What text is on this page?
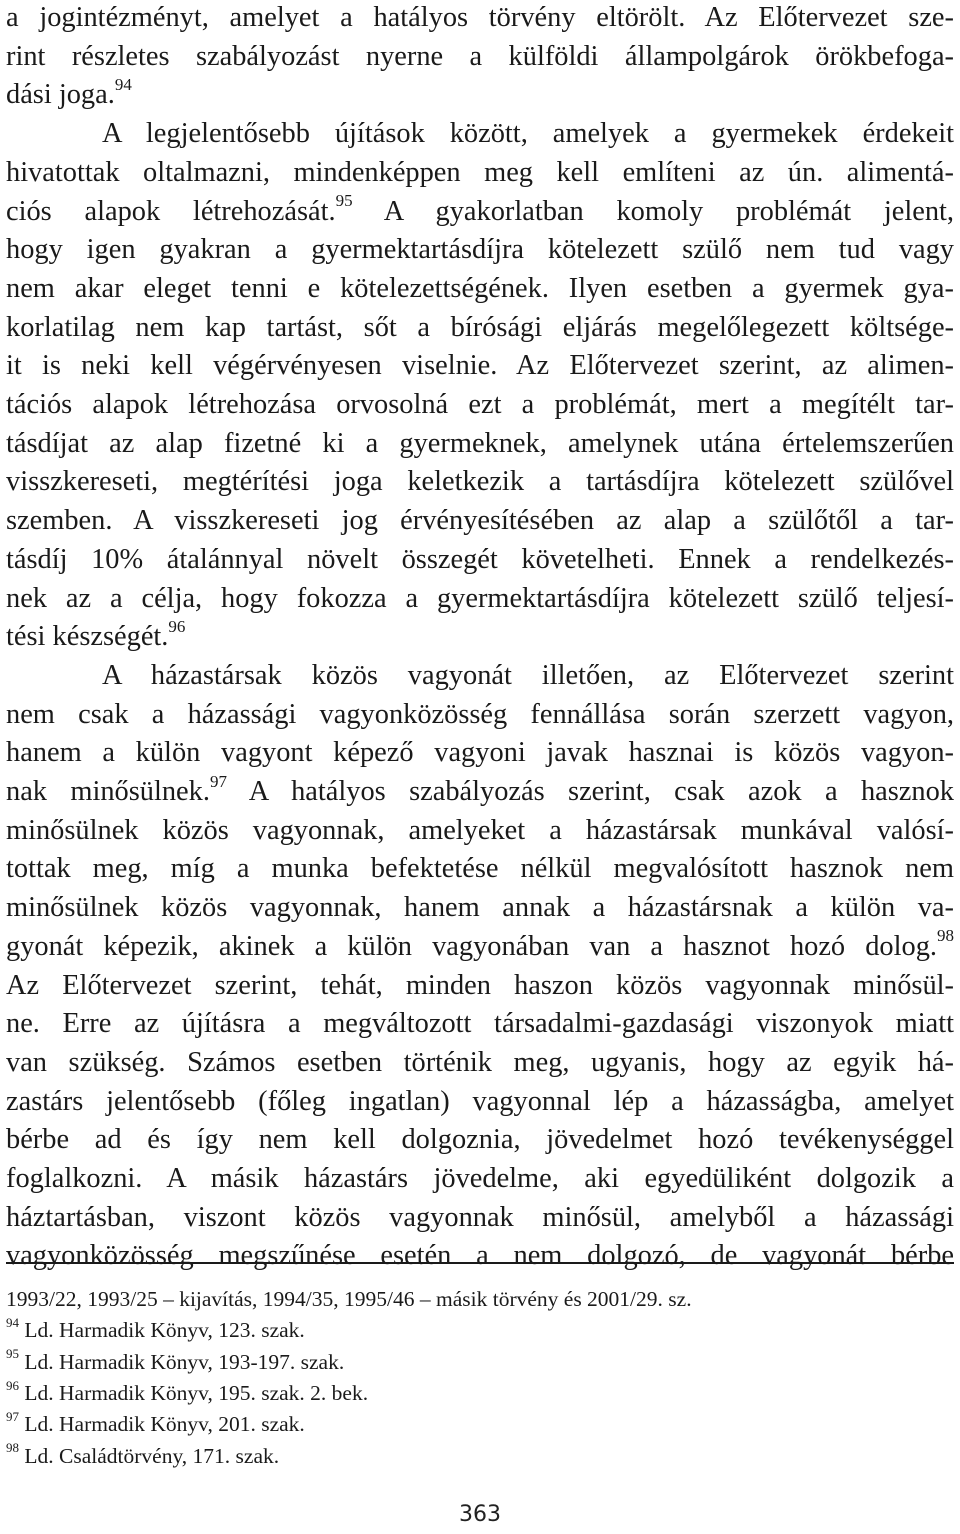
a jogintézményt, amelyet a hatályos törvény eltörölt. Az Előtervezet sze-
rint részletes szabályozást nyerne a külföldi állampolgárok örökbefoga-
dási joga.$^{94}$
A legjelentősebb újítások között, amelyek a gyermekek érdekeit
hivatottak oltalmazni, mindenképpen meg kell említeni az ún. alimentá-
ciós alapok létrehozását.$^{95}$ A gyakorlatban komoly problémát jelent,
hogy igen gyakran a gyermektartásdíjra kötelezett szülő nem tud vagy
nem akar eleget tenni e kötelezettségének. Ilyen esetben a gyermek gya-
korlatilag nem kap tartást, sőt a bírósági eljárás megelőlegezett költsége-
it is neki kell végérvényesen viselnie. Az Előtervezet szerint, az alimen-
tációs alapok létrehozása orvosolná ezt a problémát, mert a megítélt tar-
tásdíjat az alap fizetné ki a gyermeknek, amelynek utána értelemszerűen
visszkereseti, megtérítési joga keletkezik a tartásdíjra kötelezett szülővel
szemben. A visszkereseti jog érvényesítésében az alap a szülőtől a tar-
tásdíj 10% átalánnyal növelt összegét követelheti. Ennek a rendelkezés-
nek az a célja, hogy fokozza a gyermektartásdíjra kötelezett szülő teljesí-
tési készségét.$^{96}$
A házastársak közös vagyonát illetően, az Előtervezet szerint
nem csak a házassági vagyonközösség fennállása során szerzett vagyon,
hanem a külön vagyont képező vagyoni javak hasznai is közös vagyon-
nak minősülnek.$^{97}$ A hatályos szabályozás szerint, csak azok a hasznok
minősülnek közös vagyonnak, amelyeket a házastársak munkával valósí-
tottak meg, míg a munka befektetése nélkül megvalósított hasznok nem
minősülnek közös vagyonnak, hanem annak a házastársnak a külön va-
gyonát képezik, akinek a külön vagyonában van a hasznot hozó dolog.$^{98}$
Az Előtervezet szerint, tehát, minden haszon közös vagyonnak minősül-
ne. Erre az újításra a megváltozott társadalmi-gazdasági viszonyok miatt
van szükség. Számos esetben történik meg, ugyanis, hogy az egyik há-
zastárs jelentősebb (főleg ingatlan) vagyonnal lép a házasságba, amelyet
bérbe ad és így nem kell dolgoznia, jövedelmet hozó tevékenységgel
foglalkozni. A másik házastárs jövedelme, aki egyedüliként dolgozik a
háztartásban, viszont közös vagyonnak minősül, amelyből a házassági
vagyonközösség megszűnése esetén a nem dolgozó, de vagyonát bérbe
1993/22, 1993/25 – kijavítás, 1994/35, 1995/46 – másik törvény és 2001/29. sz.
$^{94}$ Ld. Harmadik Könyv, 123. szak.
$^{95}$ Ld. Harmadik Könyv, 193-197. szak.
$^{96}$ Ld. Harmadik Könyv, 195. szak. 2. bek.
$^{97}$ Ld. Harmadik Könyv, 201. szak.
$^{98}$ Ld. Családtörvény, 171. szak.
363
